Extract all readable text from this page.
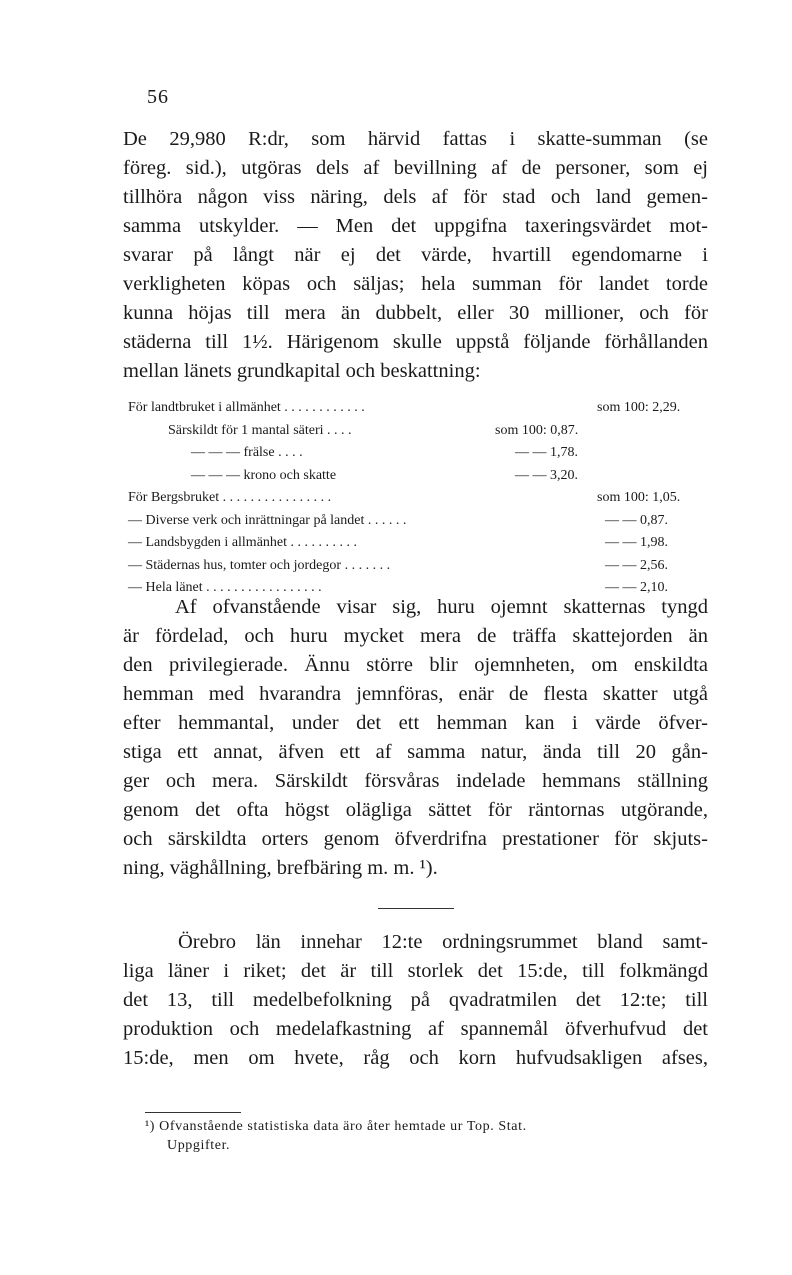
56
De 29,980 R:dr, som härvid fattas i skatte-summan (se
föreg. sid.), utgöras dels af bevillning af de personer, som ej
tillhöra någon viss näring, dels af för stad och land gemen-
samma utskylder. — Men det uppgifna taxeringsvärdet mot-
svarar på långt när ej det värde, hvartill egendomarne i
verkligheten köpas och säljas; hela summan för landet torde
kunna höjas till mera än dubbelt, eller 30 millioner, och för
städerna till 1½. Härigenom skulle uppstå följande förhållanden
mellan länets grundkapital och beskattning:
För landtbruket i allmänhet . . . . . . . . . . . .	som 100: 2,29.
Särskildt för 1 mantal säteri . . . .	som 100: 0,87.
— — — frälse . . . .	— — 1,78.
— — — krono och skatte	— — 3,20.
För Bergsbruket . . . . . . . . . . . . . . . .	som 100: 1,05.
— Diverse verk och inrättningar på landet . . . . . .	— — 0,87.
— Landsbygden i allmänhet . . . . . . . . . .	— — 1,98.
— Städernas hus, tomter och jordegor . . . . . . .	— — 2,56.
— Hela länet . . . . . . . . . . . . . . . . .	— — 2,10.
Af ofvanstående visar sig, huru ojemnt skatternas tyngd
är fördelad, och huru mycket mera de träffa skattejorden än
den privilegierade. Ännu större blir ojemnheten, om enskildta
hemman med hvarandra jemnföras, enär de flesta skatter utgå
efter hemmantal, under det ett hemman kan i värde öfver-
stiga ett annat, äfven ett af samma natur, ända till 20 gån-
ger och mera. Särskildt försvåras indelade hemmans ställning
genom det ofta högst olägliga sättet för räntornas utgörande,
och särskildta orters genom öfverdrifna prestationer för skjuts-
ning, väghållning, brefbäring m. m. ¹).
Örebro län innehar 12:te ordningsrummet bland samt-
liga läner i riket; det är till storlek det 15:de, till folkmängd
det 13, till medelbefolkning på qvadratmilen det 12:te; till
produktion och medelafkastning af spannemål öfverhufvud det
15:de, men om hvete, råg och korn hufvudsakligen afses,
¹) Ofvanstående statistiska data äro åter hemtade ur Top. Stat.
Uppgifter.
